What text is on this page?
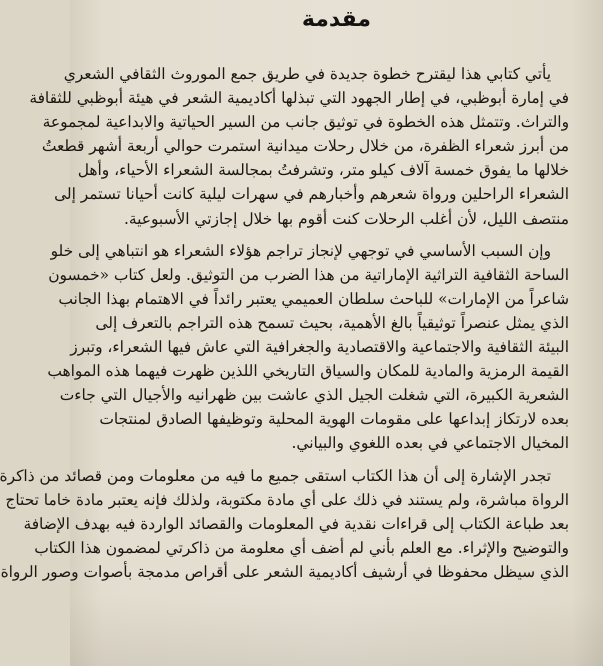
مقدمة
يأتي كتابي هذا ليقترح خطوة جديدة في طريق جمع الموروث الثقافي الشعري
في إمارة أبوظبي، في إطار الجهود التي تبذلها أكاديمية الشعر في هيئة أبوظبي للثقافة
والتراث. وتتمثل هذه الخطوة في توثيق جانب من السير الحياتية والابداعية لمجموعة
من أبرز شعراء الظفرة، من خلال رحلات ميدانية استمرت حوالي أربعة أشهر قطعتُ
خلالها ما يفوق خمسة آلاف كيلو متر، وتشرفتُ بمجالسة الشعراء الأحياء، وأهل
الشعراء الراحلين ورواة شعرهم وأخبارهم في سهرات ليلية كانت أحيانا تستمر إلى
منتصف الليل، لأن أغلب الرحلات كنت أقوم بها خلال إجازتي الأسبوعية.
وإن السبب الأساسي في توجهي لإنجاز تراجم هؤلاء الشعراء هو انتباهي إلى خلو
الساحة الثقافية التراثية الإماراتية من هذا الضرب من التوثيق. ولعل كتاب «خمسون
شاعراً من الإمارات» للباحث سلطان العميمي يعتبر رائداً في الاهتمام بهذا الجانب
الذي يمثل عنصراً توثيقياً بالغ الأهمية، بحيث تسمح هذه التراجم بالتعرف إلى
البيئة الثقافية والاجتماعية والاقتصادية والجغرافية التي عاش فيها الشعراء، وتبرز
القيمة الرمزية والمادية للمكان والسياق التاريخي اللذين ظهرت فيهما هذه المواهب
الشعرية الكبيرة، التي شغلت الجيل الذي عاشت بين ظهرانيه والأجيال التي جاءت
بعده لارتكاز إبداعها على مقومات الهوية المحلية وتوظيفها الصادق لمنتجات
المخيال الاجتماعي في بعده اللغوي والبياني.
تجدر الإشارة إلى أن هذا الكتاب استقى جميع ما فيه من معلومات ومن قصائد من ذاكرة
الرواة مباشرة، ولم يستند في ذلك على أي مادة مكتوبة، ولذلك فإنه يعتبر مادة خاما تحتاج
بعد طباعة الكتاب إلى قراءات نقدية في المعلومات والقصائد الواردة فيه بهدف الإضافة
والتوضيح والإثراء. مع العلم بأني لم أضف أي معلومة من ذاكرتي لمضمون هذا الكتاب
الذي سيظل محفوظا في أرشيف أكاديمية الشعر على أقراص مدمجة بأصوات وصور الرواة
